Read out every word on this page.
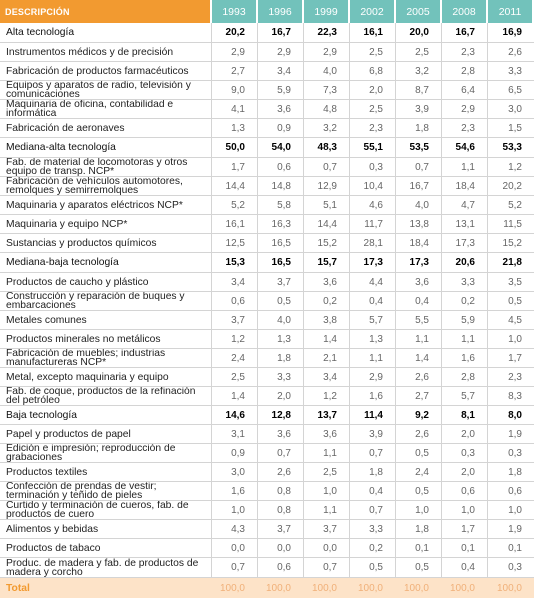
DESCRIPCIÓN	1993	1996	1999	2002	2005	2008	2011
Alta tecnología	20,2	16,7	22,3	16,1	20,0	16,7	16,9
Instrumentos médicos y de precisión	2,9	2,9	2,9	2,5	2,5	2,3	2,6
Fabricación de productos farmacéuticos	2,7	3,4	4,0	6,8	3,2	2,8	3,3
Equipos y aparatos de radio, televisión y comunicaciones	9,0	5,9	7,3	2,0	8,7	6,4	6,5
Maquinaria de oficina, contabilidad e informática	4,1	3,6	4,8	2,5	3,9	2,9	3,0
Fabricación de aeronaves	1,3	0,9	3,2	2,3	1,8	2,3	1,5
Mediana-alta tecnología	50,0	54,0	48,3	55,1	53,5	54,6	53,3
Fab. de material de locomotoras y otros equipo de transp. NCP*	1,7	0,6	0,7	0,3	0,7	1,1	1,2
Fabricación de vehículos automotores, remolques y semirremolques	14,4	14,8	12,9	10,4	16,7	18,4	20,2
Maquinaria y aparatos eléctricos NCP*	5,2	5,8	5,1	4,6	4,0	4,7	5,2
Maquinaria y equipo NCP*	16,1	16,3	14,4	11,7	13,8	13,1	11,5
Sustancias y productos químicos	12,5	16,5	15,2	28,1	18,4	17,3	15,2
Mediana-baja tecnología	15,3	16,5	15,7	17,3	17,3	20,6	21,8
Productos de caucho y plástico	3,4	3,7	3,6	4,4	3,6	3,3	3,5
Construcción y reparación de buques y embarcaciones	0,6	0,5	0,2	0,4	0,4	0,2	0,5
Metales comunes	3,7	4,0	3,8	5,7	5,5	5,9	4,5
Productos minerales no metálicos	1,2	1,3	1,4	1,3	1,1	1,1	1,0
Fabricación de muebles; industrias manufactureras NCP*	2,4	1,8	2,1	1,1	1,4	1,6	1,7
Metal, excepto maquinaria y equipo	2,5	3,3	3,4	2,9	2,6	2,8	2,3
Fab. de coque, productos de la refinación del petróleo	1,4	2,0	1,2	1,6	2,7	5,7	8,3
Baja tecnología	14,6	12,8	13,7	11,4	9,2	8,1	8,0
Papel y productos de papel	3,1	3,6	3,6	3,9	2,6	2,0	1,9
Edición e impresión; reproducción de grabaciones	0,9	0,7	1,1	0,7	0,5	0,3	0,3
Productos textiles	3,0	2,6	2,5	1,8	2,4	2,0	1,8
Confección de prendas de vestir; terminación y teñido de pieles	1,6	0,8	1,0	0,4	0,5	0,6	0,6
Curtido y terminación de cueros, fab. de productos de cuero	1,0	0,8	1,1	0,7	1,0	1,0	1,0
Alimentos y bebidas	4,3	3,7	3,7	3,3	1,8	1,7	1,9
Productos de tabaco	0,0	0,0	0,0	0,2	0,1	0,1	0,1
Produc. de madera y fab. de productos de madera y corcho	0,7	0,6	0,7	0,5	0,5	0,4	0,3
Total	100,0	100,0	100,0	100,0	100,0	100,0	100,0
